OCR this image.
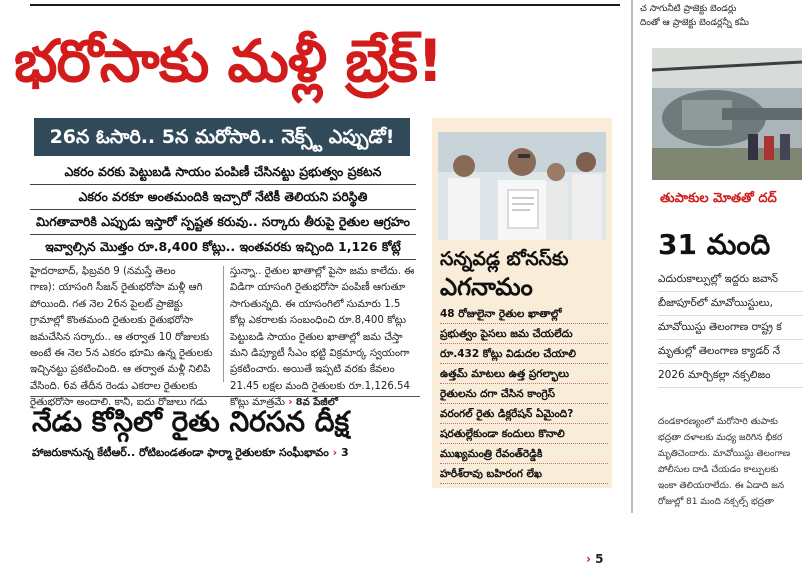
భరోసాకు మళ్లీ బ్రేక్!
26న ఓసారి.. 5న మరోసారి.. నెక్స్ట్ ఎప్పుడో!
ఎకరం వరకు పెట్టుబడి సాయం పంపిణీ చేసినట్టు ప్రభుత్వం ప్రకటన
ఎకరం వరకూ అంతమందికి ఇచ్చారో నేటికీ తెలియని పరిస్థితి
మిగతావారికి ఎప్పుడు ఇస్తారో స్పష్టత కరువు.. సర్కారు తీరుపై రైతుల ఆగ్రహం
ఇవ్వాల్సిన మొత్తం రూ.8,400 కోట్లు.. ఇంతవరకు ఇచ్చింది 1,126 కోట్లే

హైదరాబాద్, ఫిబ్రవరి 9 (నమస్తే తెలం

గాణ): యాసంగి సీజన్ రైతుభరోసా మళ్లీ ఆగి

పోయింది. గత నెల 26న పైలట్ ప్రాజెక్టు

గ్రామాల్లో కొంతమంది రైతులకు రైతుభరోసా

జమచేసిన సర్కారు.. ఆ తర్వాత 10 రోజులకు

అంటే ఈ నెల 5న ఎకరం భూమి ఉన్న రైతులకు

ఇచ్చినట్టు ప్రకటించింది. ఆ తర్వాత మళ్లీ నిలిపి

వేసింది. 6వ తేదీన రెండు ఎకరాల రైతులకు

రైతుభరోసా అందాలి. కానీ, ఐదు రోజులు గడు

స్తున్నా.. రైతుల ఖాతాల్లో పైసా జమ కాలేదు. ఈ

విడిగా యాసంగి రైతుభరోసా పంపిణీ ఆగుతూ

సాగుతున్నది. ఈ యాసంగిలో సుమారు 1.5

కోట్ల ఎకరాలకు సంబంధించి రూ.8,400 కోట్లు

పెట్టుబడి సాయం రైతుల ఖాతాల్లో జమ చేస్తా

మని డిప్యూటీ సీఎం భట్టి విక్రమార్క స్వయంగా

ప్రకటించారు. అయితే ఇప్పటి వరకు కేవలం

21.45 లక్షల మంది రైతులకు రూ.1,126.54

కోట్లు మాత్రమే › 8వ పేజీలో

నేడు కోస్గిలో రైతు నిరసన దీక్ష
హాజరుకానున్న కేటీఆర్.. రోటిబండతండా ఫార్మా రైతులకూ సంఘీభావం › 3
సన్నవడ్ల బోనస్‌కు
ఎగనామం

48 రోజులైనా రైతుల ఖాతాల్లో

ప్రభుత్వం పైసలు జమ చేయలేదు

రూ.432 కోట్లు విడుదల చేయాలి

ఉత్తమ్ మాటలు ఉత్త ప్రగల్భాలు

రైతులను దగా చేసిన కాంగ్రెస్

వరంగల్ రైతు డిక్లరేషన్ ఏమైంది?

షరతుల్లేకుండా కందులు కొనాలి

ముఖ్యమంత్రి రేవంత్‌రెడ్డికి

హరీశ్‌రావు బహిరంగ లేఖ

› 5

చ సాగునీటి ప్రాజెక్టు బెండర్లు

దింతో ఆ ప్రాజెక్టు బెండర్లన్నీ కమీ

తుపాకుల మోతతో దద్
31 మంది

ఎదురుకాల్పుల్లో ఇద్దరు జవాన్

బీజాపూర్‌లో మావోయిస్టులు,

మావోయిస్టు తెలంగాణ రాష్ట్ర క

మృతుల్లో తెలంగాణ క్యాడర్ నే

2026 మార్చికల్లా నక్సలిజం

దండకారణ్యంలో మరోసారి తుపాకు

భద్రతా దళాలకు మధ్య జరిగిన భీకర

మృతిచెందారు. మావోయిస్టు తెలంగాణ

పోలీసుల దాడి చేయడం కాల్పులకు

ఇంకా తెలియరాలేదు. ఈ ఏడాది జన

రోజుల్లో 81 మంది నక్సల్స్ భద్రతా
